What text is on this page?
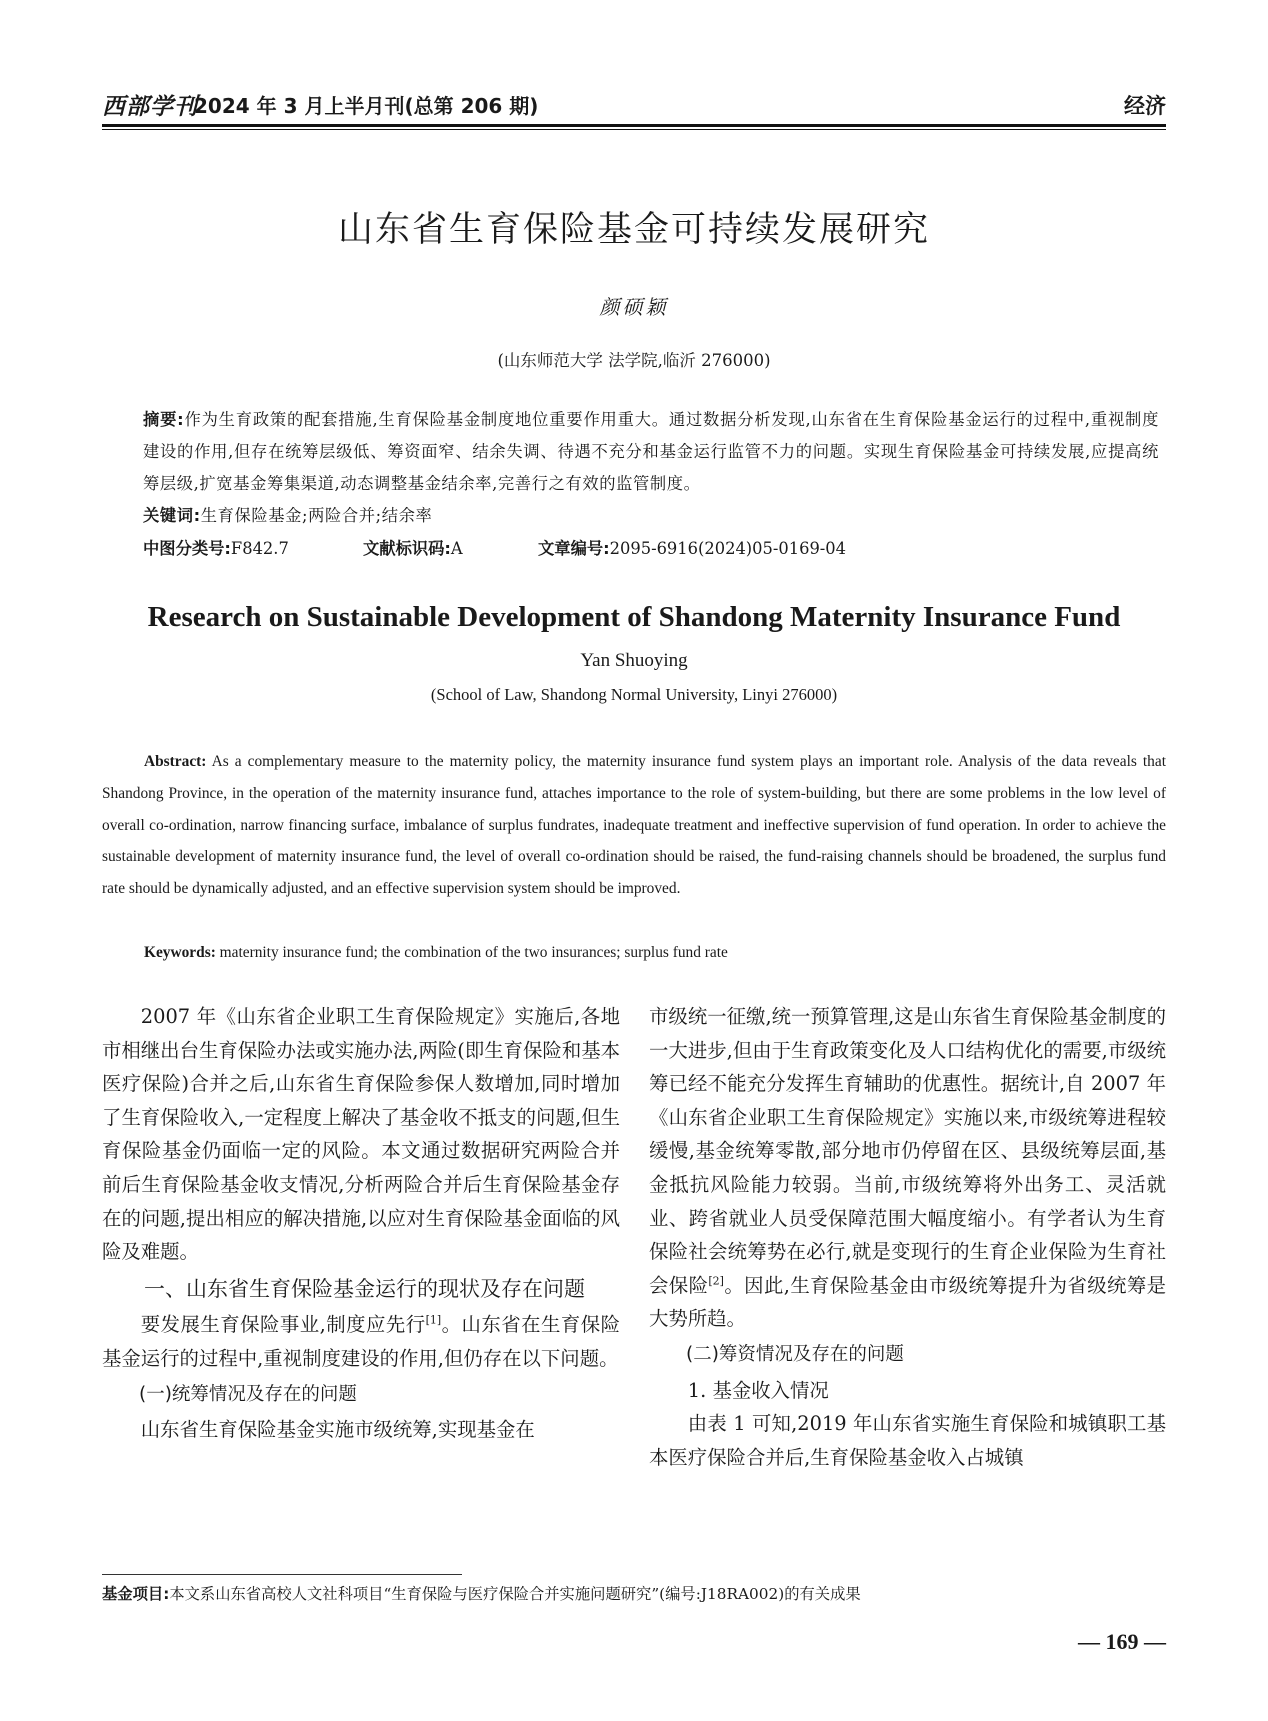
西部学刊
2024 年 3 月上半月刊(总第 206 期)	经济
山东省生育保险基金可持续发展研究
颜硕颖
(山东师范大学 法学院,临沂 276000)
摘要:作为生育政策的配套措施,生育保险基金制度地位重要作用重大。通过数据分析发现,山东省在生育保险基金运行的过程中,重视制度建设的作用,但存在统筹层级低、筹资面窄、结余失调、待遇不充分和基金运行监管不力的问题。实现生育保险基金可持续发展,应提高统筹层级,扩宽基金筹集渠道,动态调整基金结余率,完善行之有效的监管制度。
关键词:生育保险基金;两险合并;结余率
中图分类号:F842.7	文献标识码:A	文章编号:2095-6916(2024)05-0169-04
Research on Sustainable Development of Shandong Maternity Insurance Fund
Yan Shuoying
(School of Law, Shandong Normal University, Linyi 276000)
Abstract: As a complementary measure to the maternity policy, the maternity insurance fund system plays an important role. Analysis of the data reveals that Shandong Province, in the operation of the maternity insurance fund, attaches importance to the role of system-building, but there are some problems in the low level of overall co-ordination, narrow financing surface, imbalance of surplus fundrates, inadequate treatment and ineffective supervision of fund operation. In order to achieve the sustainable development of maternity insurance fund, the level of overall co-ordination should be raised, the fund-raising channels should be broadened, the surplus fund rate should be dynamically adjusted, and an effective supervision system should be improved.
Keywords: maternity insurance fund; the combination of the two insurances; surplus fund rate

2007 年《山东省企业职工生育保险规定》实施后,各地市相继出台生育保险办法或实施办法,两险(即生育保险和基本医疗保险)合并之后,山东省生育保险参保人数增加,同时增加了生育保险收入,一定程度上解决了基金收不抵支的问题,但生育保险基金仍面临一定的风险。本文通过数据研究两险合并前后生育保险基金收支情况,分析两险合并后生育保险基金存在的问题,提出相应的解决措施,以应对生育保险基金面临的风险及难题。

一、山东省生育保险基金运行的现状及存在问题

要发展生育保险事业,制度应先行[1]。山东省在生育保险基金运行的过程中,重视制度建设的作用,但仍存在以下问题。

(一)统筹情况及存在的问题

山东省生育保险基金实施市级统筹,实现基金在

市级统一征缴,统一预算管理,这是山东省生育保险基金制度的一大进步,但由于生育政策变化及人口结构优化的需要,市级统筹已经不能充分发挥生育辅助的优惠性。据统计,自 2007 年《山东省企业职工生育保险规定》实施以来,市级统筹进程较缓慢,基金统筹零散,部分地市仍停留在区、县级统筹层面,基金抵抗风险能力较弱。当前,市级统筹将外出务工、灵活就业、跨省就业人员受保障范围大幅度缩小。有学者认为生育保险社会统筹势在必行,就是变现行的生育企业保险为生育社会保险[2]。因此,生育保险基金由市级统筹提升为省级统筹是大势所趋。

(二)筹资情况及存在的问题

1. 基金收入情况

由表 1 可知,2019 年山东省实施生育保险和城镇职工基本医疗保险合并后,生育保险基金收入占城镇

基金项目:本文系山东省高校人文社科项目“生育保险与医疗保险合并实施问题研究”(编号:J18RA002)的有关成果
— 169 —
